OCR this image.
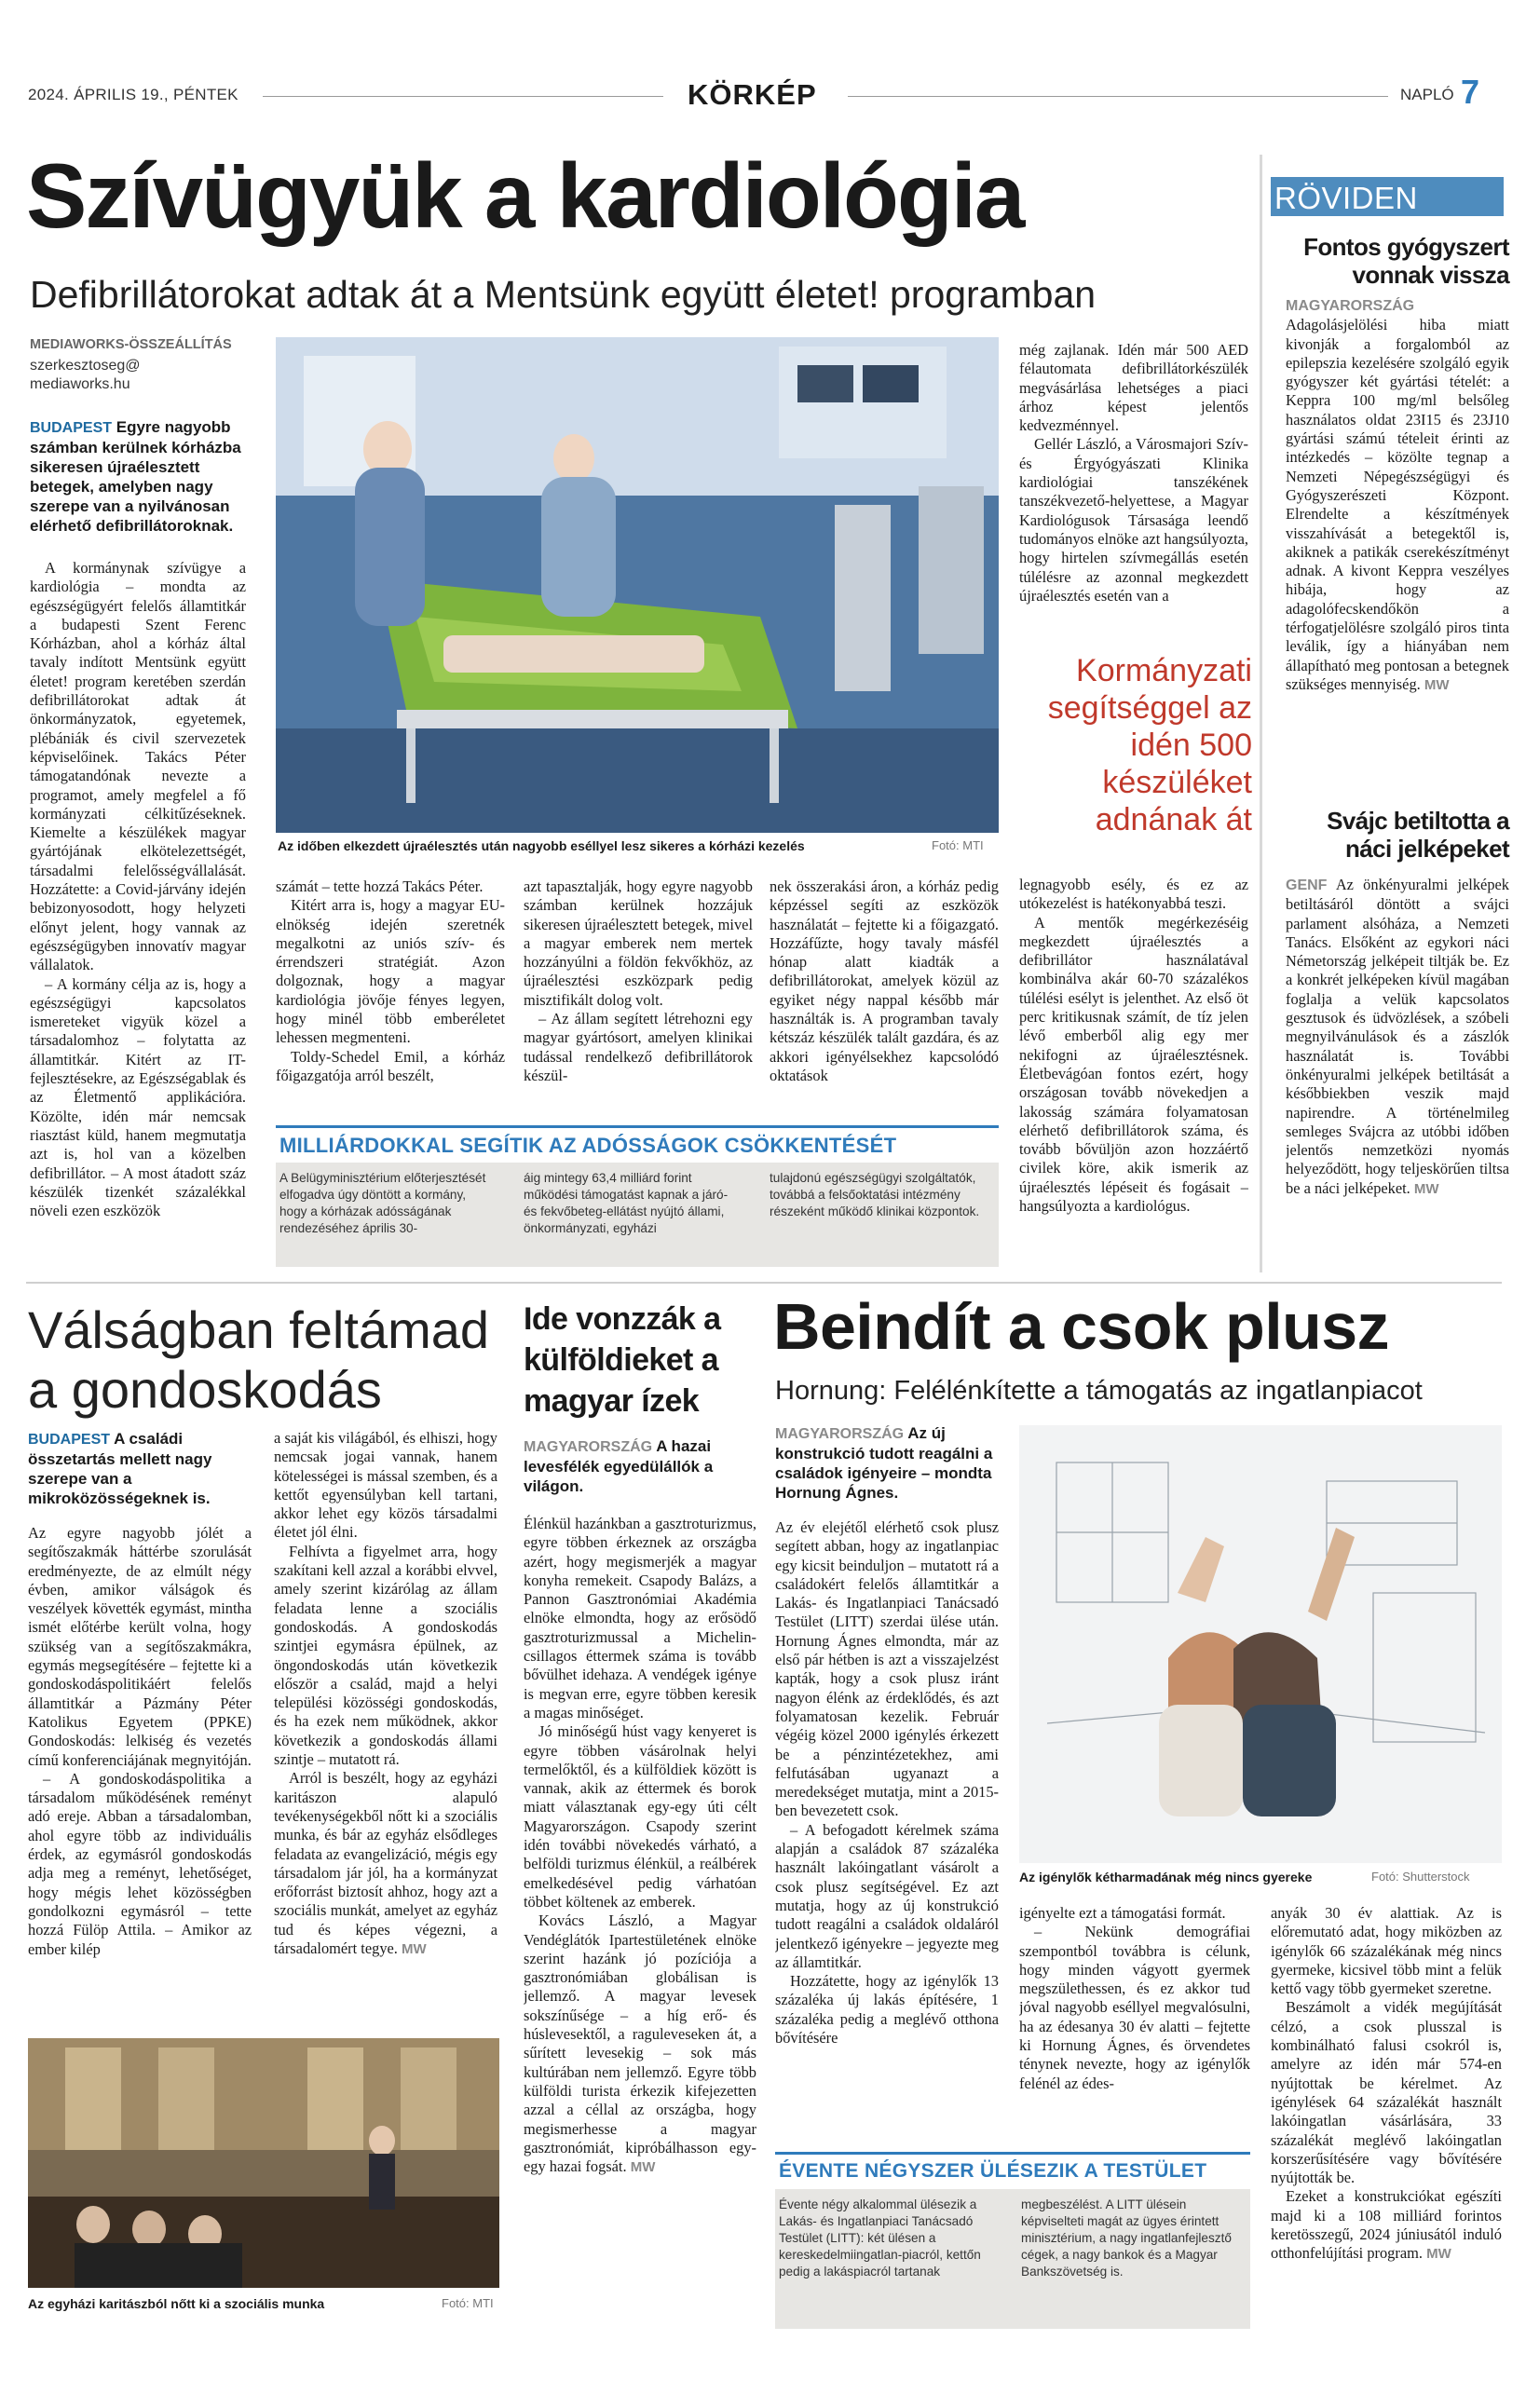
2024. ÁPRILIS 19., PÉNTEK	KÖRKÉP	NAPLÓ 7
Szívügyük a kardiológia
Defibrillátorokat adtak át a Mentsünk együtt életet! programban
MEDIAWORKS-ÖSSZEÁLLÍTÁS
szerkesztoseg@ mediaworks.hu
BUDAPEST Egyre nagyobb számban kerülnek kórházba sikeresen újraélesztett betegek, amelyben nagy szerepe van a nyilvánosan elérhető defibrillátoroknak.

A kormánynak szívügye a kardiológia – mondta az egészségügyért felelős államtitkár a budapesti Szent Ferenc Kórházban, ahol a kórház által tavaly indított Mentsünk együtt életet! program keretében szerdán defibrillátorokat adtak át önkormányzatok, egyetemek, plébániák és civil szervezetek képviselőinek. Takács Péter támogatandónak nevezte a programot, amely megfelel a fő kormányzati célkitűzéseknek. Kiemelte a készülékek magyar gyártójának elkötelezettségét, társadalmi felelősségvállalását. Hozzátette: a Covid-járvány idején bebizonyosodott, hogy helyzeti előnyt jelent, hogy vannak az egészségügyben innovatív magyar vállalatok.

– A kormány célja az is, hogy a egészségügyi kapcsolatos ismereteket vigyük közel a társadalomhoz – folytatta az államtitkár. Kitért az IT-fejlesztésekre, az Egészségablak és az Életmentő applikációra. Közölte, idén már nemcsak riasztást küld, hanem megmutatja azt is, hol van a közelben defibrillátor. – A most átadott száz készülék tizenkét százalékkal növeli ezen eszközök

Az időben elkezdett újraélesztés után nagyobb eséllyel lesz sikeres a kórházi kezelés	Fotó: MTI

számát – tette hozzá Takács Péter.

Kitért arra is, hogy a magyar EU-elnökség idején szeretnék megalkotni az uniós szív- és érrendszeri stratégiát. Azon dolgoznak, hogy a magyar kardiológia jövője fényes legyen, hogy minél több emberéletet lehessen megmenteni.

Toldy-Schedel Emil, a kórház főigazgatója arról beszélt,

azt tapasztalják, hogy egyre nagyobb számban kerülnek hozzájuk sikeresen újraélesztett betegek, mivel a magyar emberek nem mertek hozzányúlni a földön fekvőkhöz, az újraélesztési eszközpark pedig misztifikált dolog volt.

– Az állam segített létrehozni egy magyar gyártósort, amelyen klinikai tudással rendelkező defibrillátorok készül-

nek összerakási áron, a kórház pedig képzéssel segíti az eszközök használatát – fejtette ki a főigazgató. Hozzáfűzte, hogy tavaly másfél hónap alatt kiadták a defibrillátorokat, amelyek közül az egyiket négy nappal később már használták is. A programban tavaly kétszáz készülék talált gazdára, és az akkori igényélsekhez kapcsolódó oktatások

még zajlanak. Idén már 500 AED félautomata defibrillátorkészülék megvásárlása lehetséges a piaci árhoz képest jelentős kedvezménnyel.

Gellér László, a Városmajori Szív- és Érgyógyászati Klinika kardiológiai tanszékének tanszékvezető-helyettese, a Magyar Kardiológusok Társasága leendő tudományos elnöke azt hangsúlyozta, hogy hirtelen szívmegállás esetén túlélésre az azonnal megkezdett újraélesztés esetén van a

Kormányzati segítséggel az idén 500 készüléket adnának át

legnagyobb esély, és ez az utókezelést is hatékonyabbá teszi.

A mentők megérkezéséig megkezdett újraélesztés a defibrillátor használatával kombinálva akár 60-70 százalékos túlélési esélyt is jelenthet. Az első öt perc kritikusnak számít, de tíz jelen lévő emberből alig egy mer nekifogni az újraélesztésnek. Életbevágóan fontos ezért, hogy országosan tovább növekedjen a lakosság számára folyamatosan elérhető defibrillátorok száma, és tovább bővüljön azon hozzáértő civilek köre, akik ismerik az újraélesztés lépéseit és fogásait – hangsúlyozta a kardiológus.

MILLIÁRDOKKAL SEGÍTIK AZ ADÓSSÁGOK CSÖKKENTÉSÉT
A Belügyminisztérium előterjesztését elfogadva úgy döntött a kormány, hogy a kórházak adósságának rendezéséhez április 30-
áig mintegy 63,4 milliárd forint működési támogatást kapnak a járó- és fekvőbeteg-ellátást nyújtó állami, önkormányzati, egyházi
tulajdonú egészségügyi szolgáltatók, továbbá a felsőoktatási intézmény részeként működő klinikai központok.
RÖVIDEN
Fontos gyógyszert vonnak vissza

MAGYARORSZÁG Adagolásjelölési hiba miatt kivonják a forgalomból az epilepszia kezelésére szolgáló egyik gyógyszer két gyártási tételét: a Keppra 100 mg/ml belsőleg használatos oldat 23I15 és 23J10 gyártási számú tételeit érinti az intézkedés – közölte tegnap a Nemzeti Népegészségügyi és Gyógyszerészeti Központ. Elrendelte a készítmények visszahívását a betegektől is, akiknek a patikák cserekészítményt adnak. A kivont Keppra veszélyes hibája, hogy az adagolófecskendőkön a térfogatjelölésre szolgáló piros tinta leválik, így a hiányában nem állapítható meg pontosan a betegnek szükséges mennyiség. MW

Svájc betiltotta a náci jelképeket

GENF Az önkényuralmi jelképek betiltásáról döntött a svájci parlament alsóháza, a Nemzeti Tanács. Elsőként az egykori náci Németország jelképeit tiltják be. Ez a konkrét jelképeken kívül magában foglalja a velük kapcsolatos gesztusok és üdvözlések, a szóbeli megnyilvánulások és a zászlók használatát is. További önkényuralmi jelképek betiltását a későbbiekben veszik majd napirendre. A történelmileg semleges Svájcra az utóbbi időben jelentős nemzetközi nyomás helyeződött, hogy teljeskörűen tiltsa be a náci jelképeket. MW

Válságban feltámad a gondoskodás
BUDAPEST A családi összetartás mellett nagy szerepe van a mikroközösségeknek is.

Az egyre nagyobb jólét a segítőszakmák háttérbe szorulását eredményezte, de az elmúlt négy évben, amikor válságok és veszélyek követték egymást, mintha ismét előtérbe került volna, hogy szükség van a segítőszakmákra, egymás megsegítésére – fejtette ki a gondoskodáspolitikáért felelős államtitkár a Pázmány Péter Katolikus Egyetem (PPKE) Gondoskodás: lelkiség és vezetés című konferenciájának megnyitóján.

– A gondoskodáspolitika a társadalom működésének reményt adó ereje. Abban a társadalomban, ahol egyre több az individuális érdek, az egymásról gondoskodás adja meg a reményt, lehetőséget, hogy mégis lehet közösségben gondolkozni egymásról – tette hozzá Fülöp Attila. – Amikor az ember kilép

a saját kis világából, és elhiszi, hogy nemcsak jogai vannak, hanem kötelességei is mással szemben, és a kettőt egyensúlyban kell tartani, akkor lehet egy közös társadalmi életet jól élni.

Felhívta a figyelmet arra, hogy szakítani kell azzal a korábbi elvvel, amely szerint kizárólag az állam feladata lenne a szociális gondoskodás. A gondoskodás szintjei egymásra épülnek, az öngondoskodás után következik először a család, majd a helyi települési közösségi gondoskodás, és ha ezek nem működnek, akkor következik a gondoskodás állami szintje – mutatott rá.

Arról is beszélt, hogy az egyházi karitászon alapuló tevékenységekből nőtt ki a szociális munka, és bár az egyház elsődleges feladata az evangelizáció, mégis egy társadalom jár jól, ha a kormányzat erőforrást biztosít ahhoz, hogy azt a szociális munkát, amelyet az egyház tud és képes végezni, a társadalomért tegye. MW

Az egyházi karitászból nőtt ki a szociális munka	Fotó: MTI
Ide vonzzák a külföldieket a magyar ízek
MAGYARORSZÁG A hazai levesfélék egyedülállók a világon.

Élénkül hazánkban a gasztroturizmus, egyre többen érkeznek az országba azért, hogy megismerjék a magyar konyha remekeit. Csapody Balázs, a Pannon Gasztronómiai Akadémia elnöke elmondta, hogy az erősödő gasztroturizmussal a Michelin-csillagos éttermek száma is tovább bővülhet idehaza. A vendégek igénye is megvan erre, egyre többen keresik a magas minőséget.

Jó minőségű húst vagy kenyeret is egyre többen vásárolnak helyi termelőktől, és a külföldiek között is vannak, akik az éttermek és borok miatt választanak egy-egy úti célt Magyarországon. Csapody szerint idén további növekedés várható, a belföldi turizmus élénkül, a reálbérek emelkedésével pedig várhatóan többet költenek az emberek.

Kovács László, a Magyar Vendéglátók Ipartestületének elnöke szerint hazánk jó pozíciója a gasztronómiában globálisan is jellemző. A magyar levesek sokszínűsége – a híg erő- és húslevesektől, a raguleveseken át, a sűrített levesekig – sok más kultúrában nem jellemző. Egyre több külföldi turista érkezik kifejezetten azzal a céllal az országba, hogy megismerhesse a magyar gasztronómiát, kipróbálhasson egy-egy hazai fogsát. MW

Beindít a csok plusz
Hornung: Felélénkítette a támogatás az ingatlanpiacot
MAGYARORSZÁG Az új konstrukció tudott reagálni a családok igényeire – mondta Hornung Ágnes.

Az év elejétől elérhető csok plusz segített abban, hogy az ingatlanpiac egy kicsit beinduljon – mutatott rá a családokért felelős államtitkár a Lakás- és Ingatlanpiaci Tanácsadó Testület (LITT) szerdai ülése után. Hornung Ágnes elmondta, már az első pár hétben is azt a visszajelzést kapták, hogy a csok plusz iránt nagyon élénk az érdeklődés, és azt folyamatosan kezelik. Február végéig közel 2000 igénylés érkezett be a pénzintézetekhez, ami felfutásában ugyanazt a meredekséget mutatja, mint a 2015-ben bevezetett csok.

– A befogadott kérelmek száma alapján a családok 87 százaléka használt lakóingatlant vásárolt a csok plusz segítségével. Ez azt mutatja, hogy az új konstrukció tudott reagálni a családok oldaláról jelentkező igényekre – jegyezte meg az államtitkár.

Hozzátette, hogy az igénylők 13 százaléka új lakás építésére, 1 százaléka pedig a meglévő otthona bővítésére

Az igénylők kétharmadának még nincs gyereke	Fotó: Shutterstock

igényelte ezt a támogatási formát.

– Nekünk demográfiai szempontból továbbra is célunk, hogy minden vágyott gyermek megszülethessen, és ez akkor tud jóval nagyobb eséllyel megvalósulni, ha az édesanya 30 év alatti – fejtette ki Hornung Ágnes, és örvendetes ténynek nevezte, hogy az igénylők felénél az édes-

anyák 30 év alattiak. Az is előremutató adat, hogy miközben az igénylők 66 százalékának még nincs gyermeke, kicsivel több mint a felük kettő vagy több gyermeket szeretne.

Beszámolt a vidék megújítását célzó, a csok plusszal is kombinálható falusi csokról is, amelyre az idén már 574-en nyújtottak be kérelmet. Az igénylések 64 százalékát használt lakóingatlan vásárlására, 33 százalékát meglévő lakóingatlan korszerűsítésére vagy bővítésére nyújtották be.

Ezeket a konstrukciókat egészíti majd ki a 108 milliárd forintos keretösszegű, 2024 júniusától induló otthonfelújítási program. MW

ÉVENTE NÉGYSZER ÜLÉSEZIK A TESTÜLET
Évente négy alkalommal ülésezik a Lakás- és Ingatlanpiaci Tanácsadó Testület (LITT): két ülésen a kereskedelmiingatlan-piacról, kettőn pedig a lakáspiacról tartanak
megbeszélést. A LITT ülésein képviselteti magát az ügyes érintett minisztérium, a nagy ingatlanfejlesztő cégek, a nagy bankok és a Magyar Bankszövetség is.
